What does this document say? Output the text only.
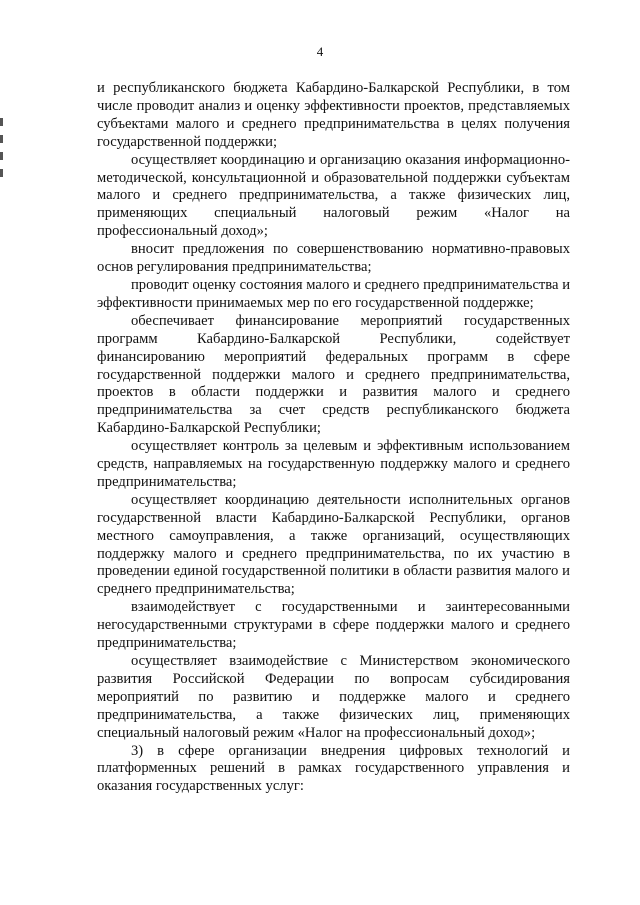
4

и республиканского бюджета Кабардино-Балкарской Республики, в том числе проводит анализ и оценку эффективности проектов, представляемых субъектами малого и среднего предпринимательства в целях получения государственной поддержки;

осуществляет координацию и организацию оказания информационно-методической, консультационной и образовательной поддержки субъектам малого и среднего предпринимательства, а также физических лиц, применяющих специальный налоговый режим «Налог на профессиональный доход»;

вносит предложения по совершенствованию нормативно-правовых основ регулирования предпринимательства;

проводит оценку состояния малого и среднего предпринимательства и эффективности принимаемых мер по его государственной поддержке;

обеспечивает финансирование мероприятий государственных программ Кабардино-Балкарской Республики, содействует финансированию мероприятий федеральных программ в сфере государственной поддержки малого и среднего предпринимательства, проектов в области поддержки и развития малого и среднего предпринимательства за счет средств республиканского бюджета Кабардино-Балкарской Республики;

осуществляет контроль за целевым и эффективным использованием средств, направляемых на государственную поддержку малого и среднего предпринимательства;

осуществляет координацию деятельности исполнительных органов государственной власти Кабардино-Балкарской Республики, органов местного самоуправления, а также организаций, осуществляющих поддержку малого и среднего предпринимательства, по их участию в проведении единой государственной политики в области развития малого и среднего предпринимательства;

взаимодействует с государственными и заинтересованными негосударственными структурами в сфере поддержки малого и среднего предпринимательства;

осуществляет взаимодействие с Министерством экономического развития Российской Федерации по вопросам субсидирования мероприятий по развитию и поддержке малого и среднего предпринимательства, а также физических лиц, применяющих специальный налоговый режим «Налог на профессиональный доход»;

3) в сфере организации внедрения цифровых технологий и платформенных решений в рамках государственного управления и оказания государственных услуг:
